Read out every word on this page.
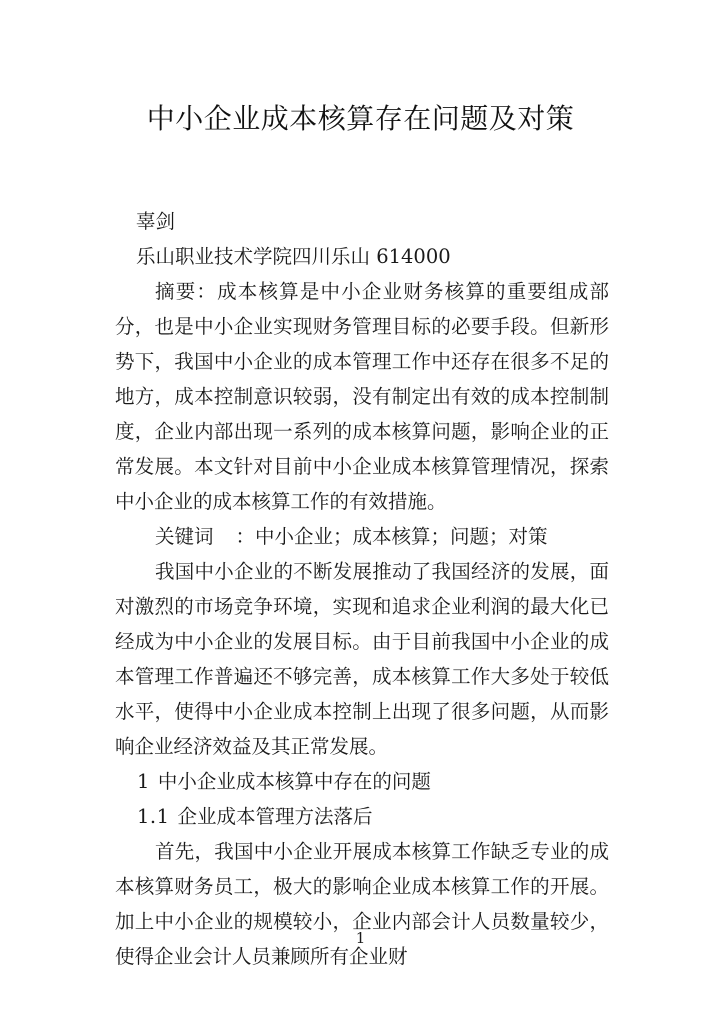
中小企业成本核算存在问题及对策
辜剑
乐山职业技术学院四川乐山 614000
摘要：成本核算是中小企业财务核算的重要组成部分，也是中小企业实现财务管理目标的必要手段。但新形势下，我国中小企业的成本管理工作中还存在很多不足的地方，成本控制意识较弱，没有制定出有效的成本控制制度，企业内部出现一系列的成本核算问题，影响企业的正常发展。本文针对目前中小企业成本核算管理情况，探索中小企业的成本核算工作的有效措施。
关键词 ：中小企业；成本核算；问题；对策
我国中小企业的不断发展推动了我国经济的发展，面对激烈的市场竞争环境，实现和追求企业利润的最大化已经成为中小企业的发展目标。由于目前我国中小企业的成本管理工作普遍还不够完善，成本核算工作大多处于较低水平，使得中小企业成本控制上出现了很多问题，从而影响企业经济效益及其正常发展。
1 中小企业成本核算中存在的问题
1.1 企业成本管理方法落后
首先，我国中小企业开展成本核算工作缺乏专业的成本核算财务员工，极大的影响企业成本核算工作的开展。加上中小企业的规模较小，企业内部会计人员数量较少，使得企业会计人员兼顾所有企业财
1
